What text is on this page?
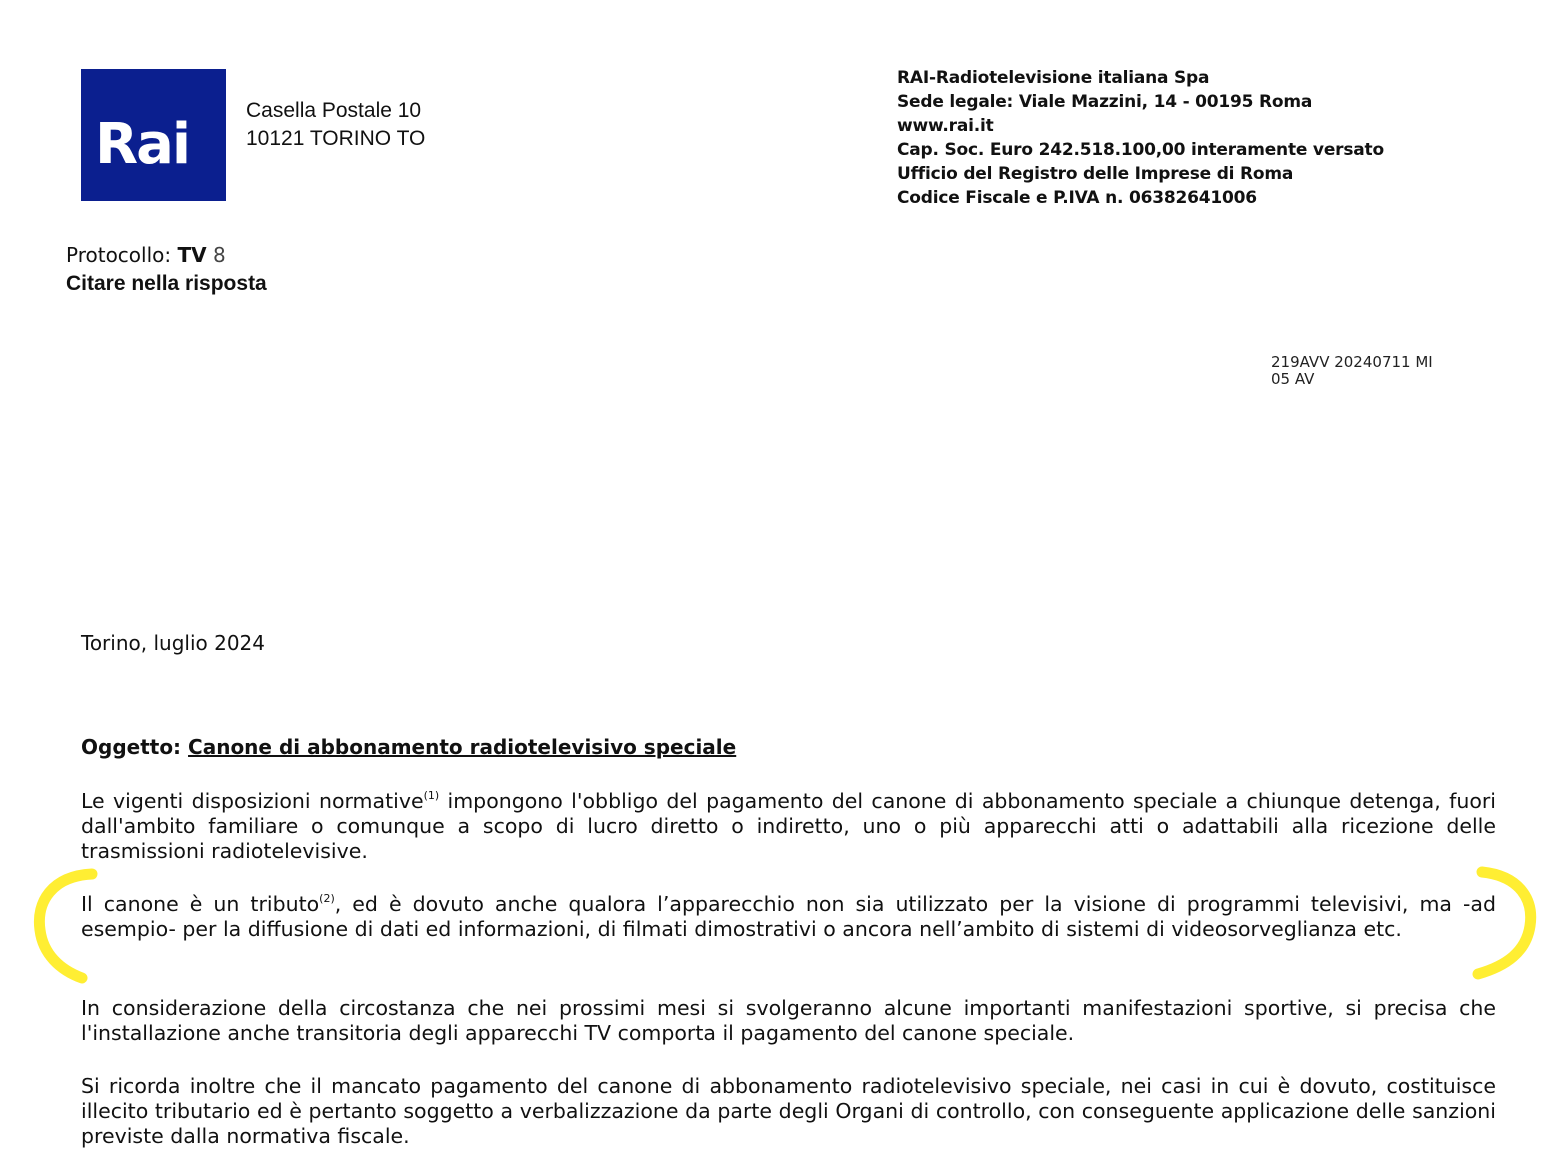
Rai
Casella Postale 10
10121 TORINO TO
RAI-Radiotelevisione italiana Spa
Sede legale: Viale Mazzini, 14 - 00195 Roma
www.rai.it
Cap. Soc. Euro 242.518.100,00 interamente versato
Ufficio del Registro delle Imprese di Roma
Codice Fiscale e P.IVA n. 06382641006
Protocollo: TV 8
Citare nella risposta
219AVV 20240711 MI
05 AV
Torino, luglio 2024
Oggetto: Canone di abbonamento radiotelevisivo speciale
Le vigenti disposizioni normative$^{(1)}$ impongono l'obbligo del pagamento del canone di abbonamento speciale a chiunque detenga, fuori dall'ambito familiare o comunque a scopo di lucro diretto o indiretto, uno o più apparecchi atti o adattabili alla ricezione delle trasmissioni radiotelevisive.
Il canone è un tributo$^{(2)}$, ed è dovuto anche qualora l’apparecchio non sia utilizzato per la visione di programmi televisivi, ma -ad esempio- per la diffusione di dati ed informazioni, di filmati dimostrativi o ancora nell’ambito di sistemi di videosorveglianza etc.
In considerazione della circostanza che nei prossimi mesi si svolgeranno alcune importanti manifestazioni sportive, si precisa che l'installazione anche transitoria degli apparecchi TV comporta il pagamento del canone speciale.
Si ricorda inoltre che il mancato pagamento del canone di abbonamento radiotelevisivo speciale, nei casi in cui è dovuto, costituisce illecito tributario ed è pertanto soggetto a verbalizzazione da parte degli Organi di controllo, con conseguente applicazione delle sanzioni previste dalla normativa fiscale.
